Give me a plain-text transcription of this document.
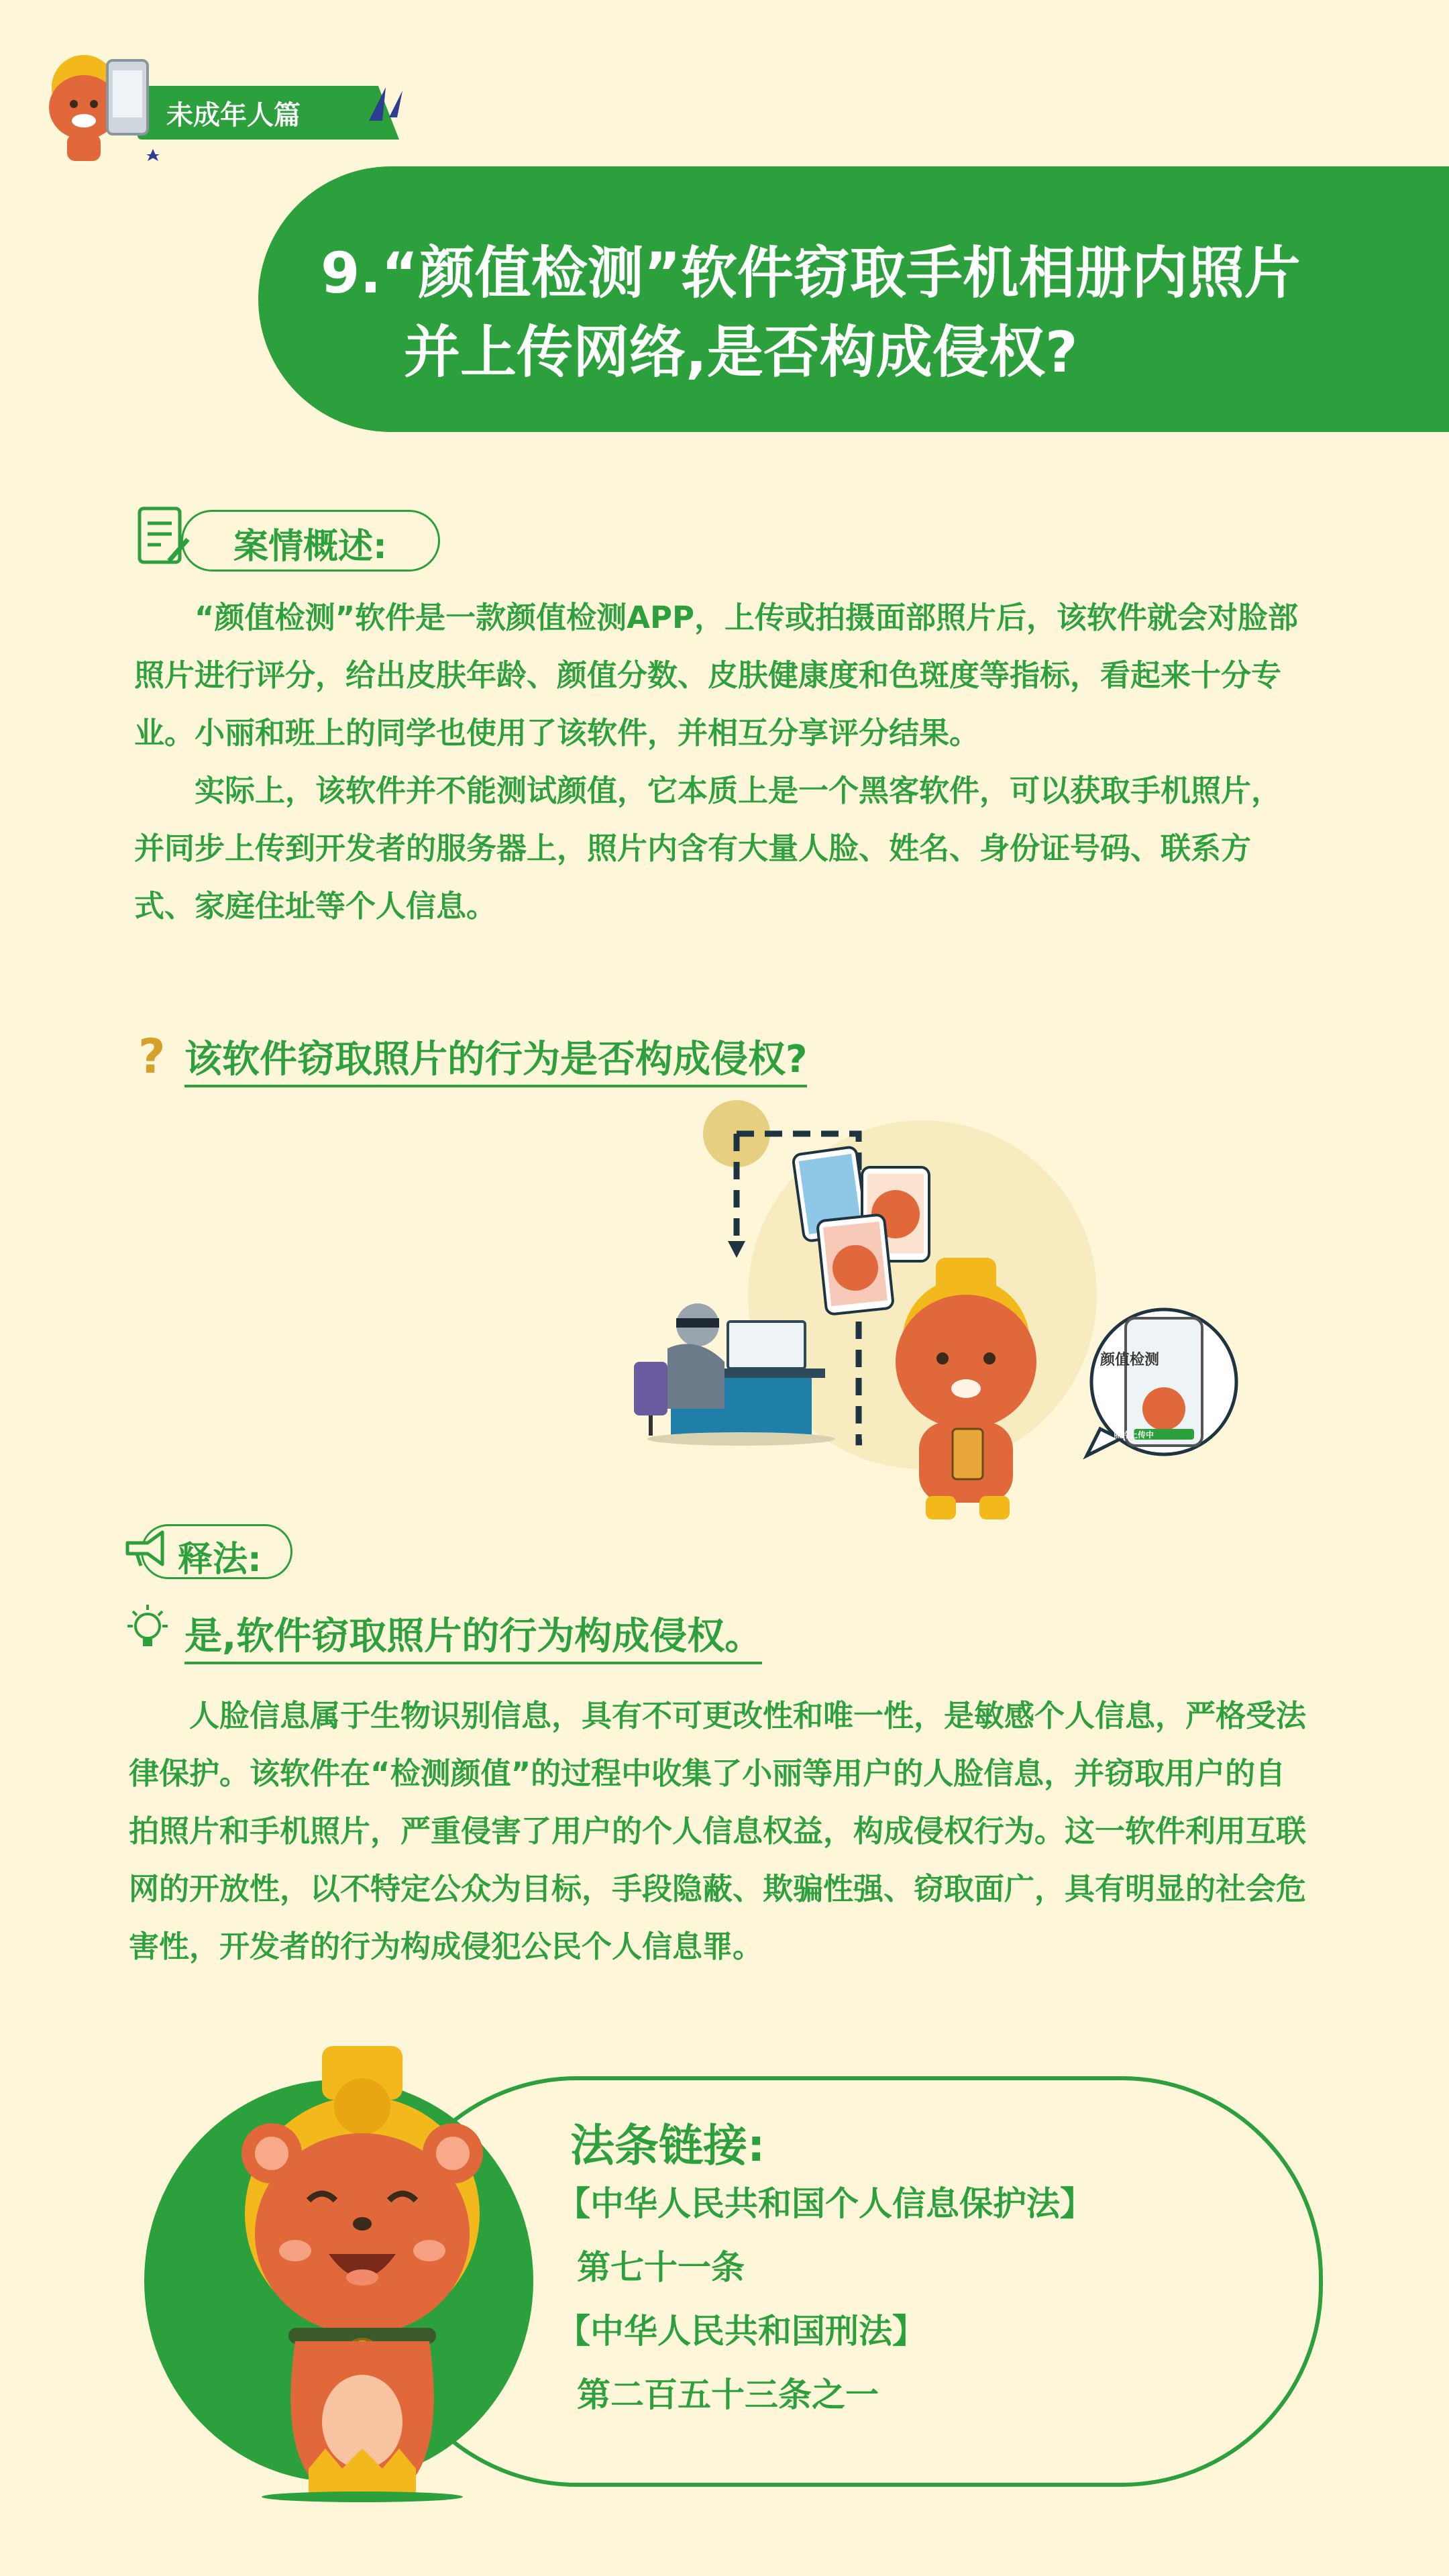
未成年人篇
9.“颜值检测”软件窃取手机相册内照片
并上传网络,是否构成侵权?
案情概述:

“颜值检测”软件是一款颜值检测APP，上传或拍摄面部照片后，该软件就会对脸部照片进行评分，给出皮肤年龄、颜值分数、皮肤健康度和色斑度等指标，看起来十分专业。小丽和班上的同学也使用了该软件，并相互分享评分结果。

实际上，该软件并不能测试颜值，它本质上是一个黑客软件，可以获取手机照片，并同步上传到开发者的服务器上，照片内含有大量人脸、姓名、身份证号码、联系方式、家庭住址等个人信息。

? 该软件窃取照片的行为是否构成侵权?
颜值检测
照片上传中
释法:
是,软件窃取照片的行为构成侵权。

人脸信息属于生物识别信息，具有不可更改性和唯一性，是敏感个人信息，严格受法律保护。该软件在“检测颜值”的过程中收集了小丽等用户的人脸信息，并窃取用户的自拍照片和手机照片，严重侵害了用户的个人信息权益，构成侵权行为。这一软件利用互联网的开放性，以不特定公众为目标，手段隐蔽、欺骗性强、窃取面广，具有明显的社会危害性，开发者的行为构成侵犯公民个人信息罪。

法条链接:
【中华人民共和国个人信息保护法】
第七十一条
【中华人民共和国刑法】
第二百五十三条之一
